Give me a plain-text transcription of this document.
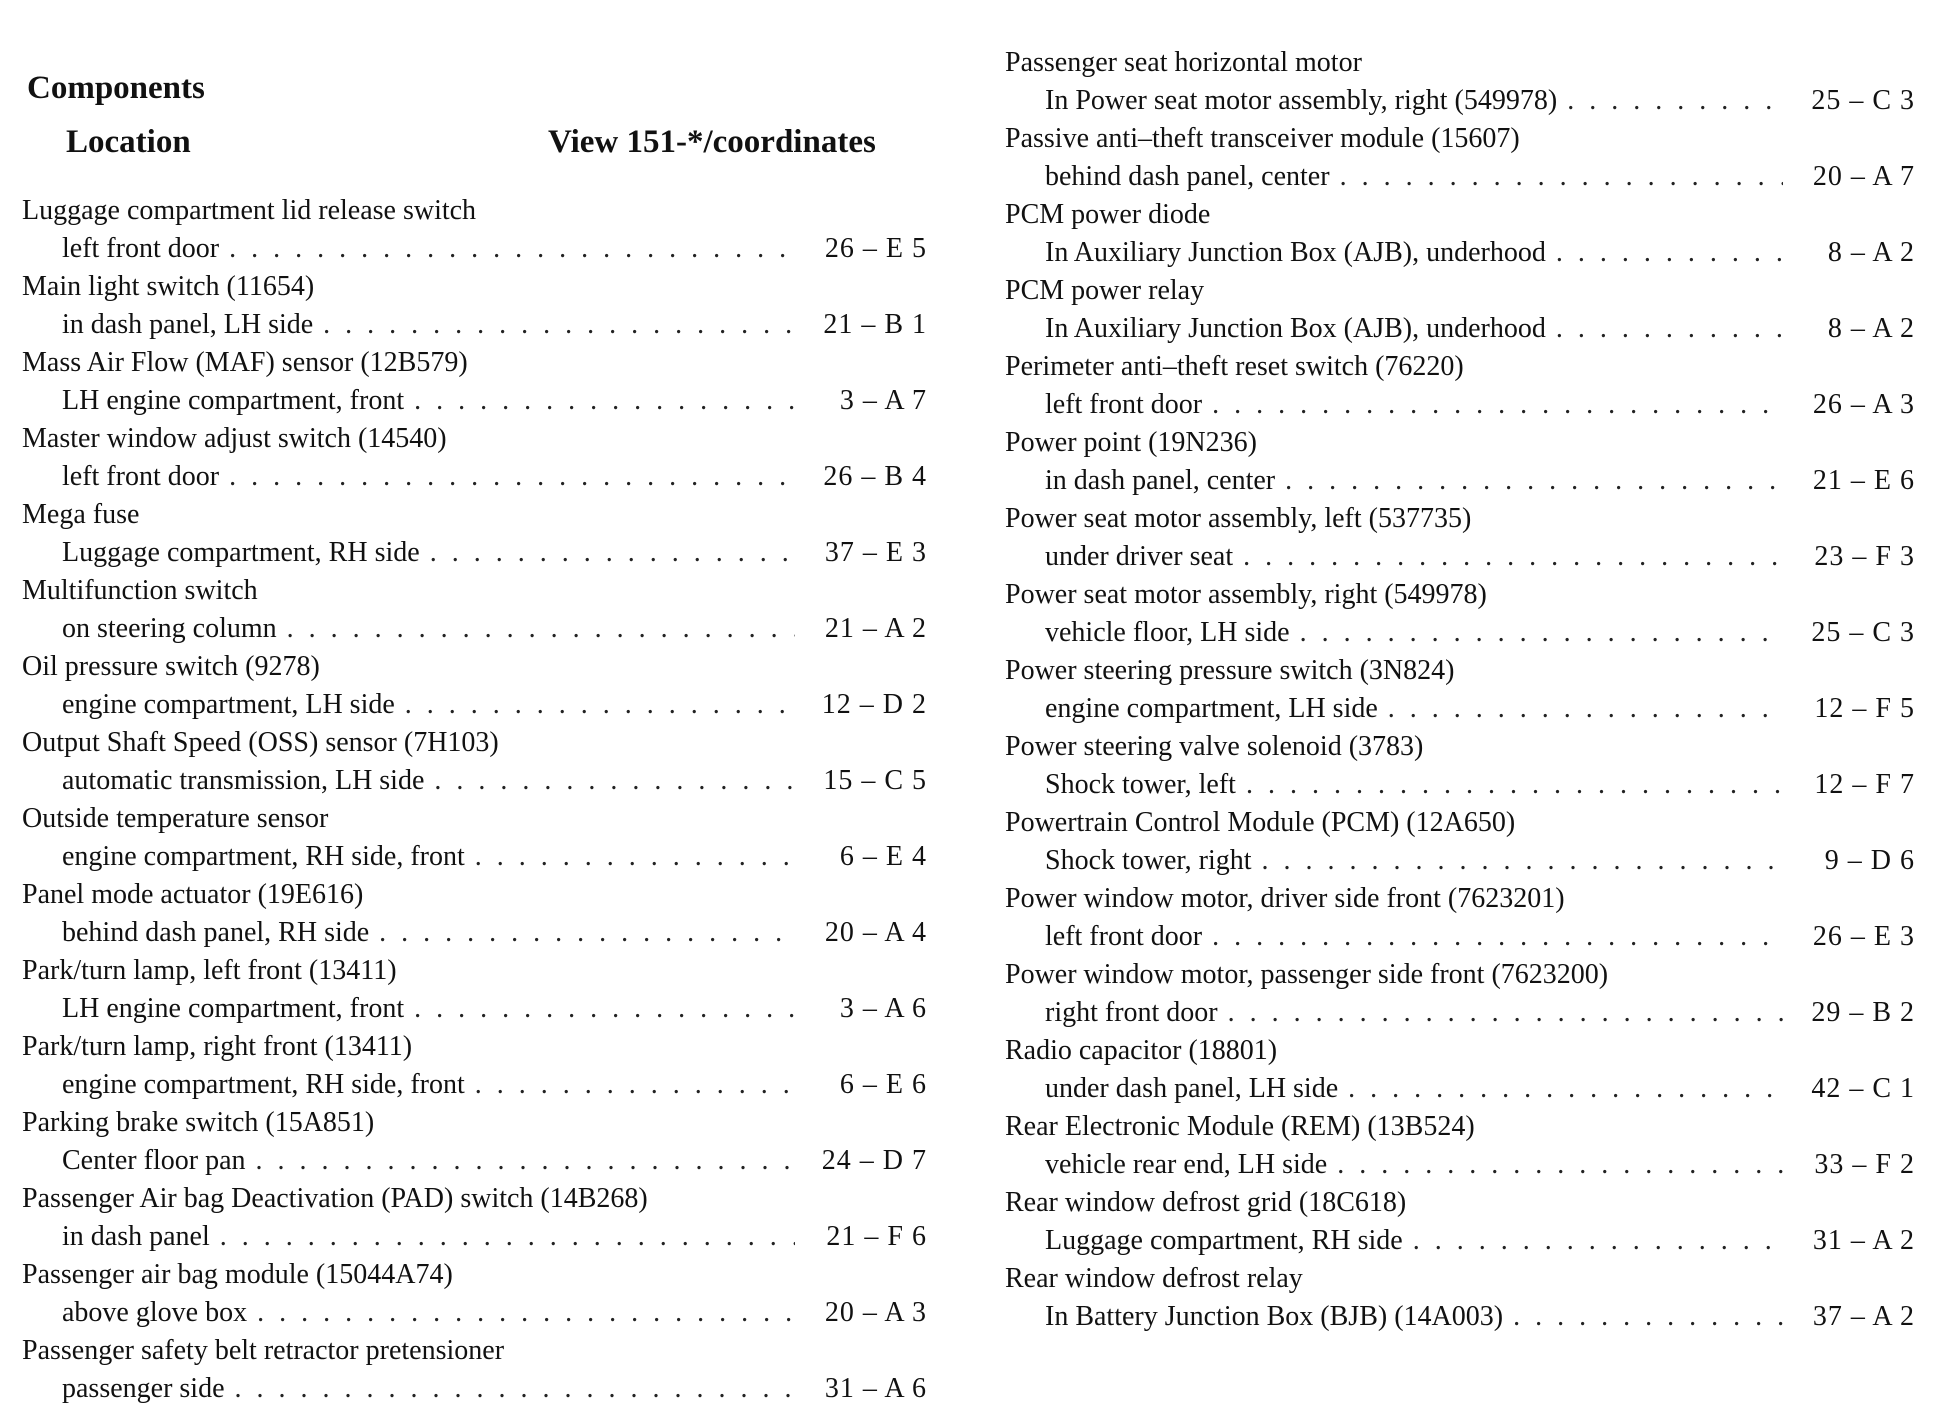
Components
Location	View 151-*/coordinates
Luggage compartment lid release switch
left front door . . .	26 – E 5
Main light switch (11654)
in dash panel, LH side . . .	21 – B 1
Mass Air Flow (MAF) sensor (12B579)
LH engine compartment, front . . .	3 – A 7
Master window adjust switch (14540)
left front door . . .	26 – B 4
Mega fuse
Luggage compartment, RH side . . .	37 – E 3
Multifunction switch
on steering column . . .	21 – A 2
Oil pressure switch (9278)
engine compartment, LH side . . .	12 – D 2
Output Shaft Speed (OSS) sensor (7H103)
automatic transmission, LH side . . .	15 – C 5
Outside temperature sensor
engine compartment, RH side, front . . .	6 – E 4
Panel mode actuator (19E616)
behind dash panel, RH side . . .	20 – A 4
Park/turn lamp, left front (13411)
LH engine compartment, front . . .	3 – A 6
Park/turn lamp, right front (13411)
engine compartment, RH side, front . . .	6 – E 6
Parking brake switch (15A851)
Center floor pan . . .	24 – D 7
Passenger Air bag Deactivation (PAD) switch (14B268)
in dash panel . . .	21 – F 6
Passenger air bag module (15044A74)
above glove box . . .	20 – A 3
Passenger safety belt retractor pretensioner
passenger side . . .	31 – A 6
Passenger seat horizontal motor
In Power seat motor assembly, right (549978) . . .	25 – C 3
Passive anti–theft transceiver module (15607)
behind dash panel, center . . .	20 – A 7
PCM power diode
In Auxiliary Junction Box (AJB), underhood . . .	8 – A 2
PCM power relay
In Auxiliary Junction Box (AJB), underhood . . .	8 – A 2
Perimeter anti–theft reset switch (76220)
left front door . . .	26 – A 3
Power point (19N236)
in dash panel, center . . .	21 – E 6
Power seat motor assembly, left (537735)
under driver seat . . .	23 – F 3
Power seat motor assembly, right (549978)
vehicle floor, LH side . . .	25 – C 3
Power steering pressure switch (3N824)
engine compartment, LH side . . .	12 – F 5
Power steering valve solenoid (3783)
Shock tower, left . . .	12 – F 7
Powertrain Control Module (PCM) (12A650)
Shock tower, right . . .	9 – D 6
Power window motor, driver side front (7623201)
left front door . . .	26 – E 3
Power window motor, passenger side front (7623200)
right front door . . .	29 – B 2
Radio capacitor (18801)
under dash panel, LH side . . .	42 – C 1
Rear Electronic Module (REM) (13B524)
vehicle rear end, LH side . . .	33 – F 2
Rear window defrost grid (18C618)
Luggage compartment, RH side . . .	31 – A 2
Rear window defrost relay
In Battery Junction Box (BJB) (14A003) . . .	37 – A 2
